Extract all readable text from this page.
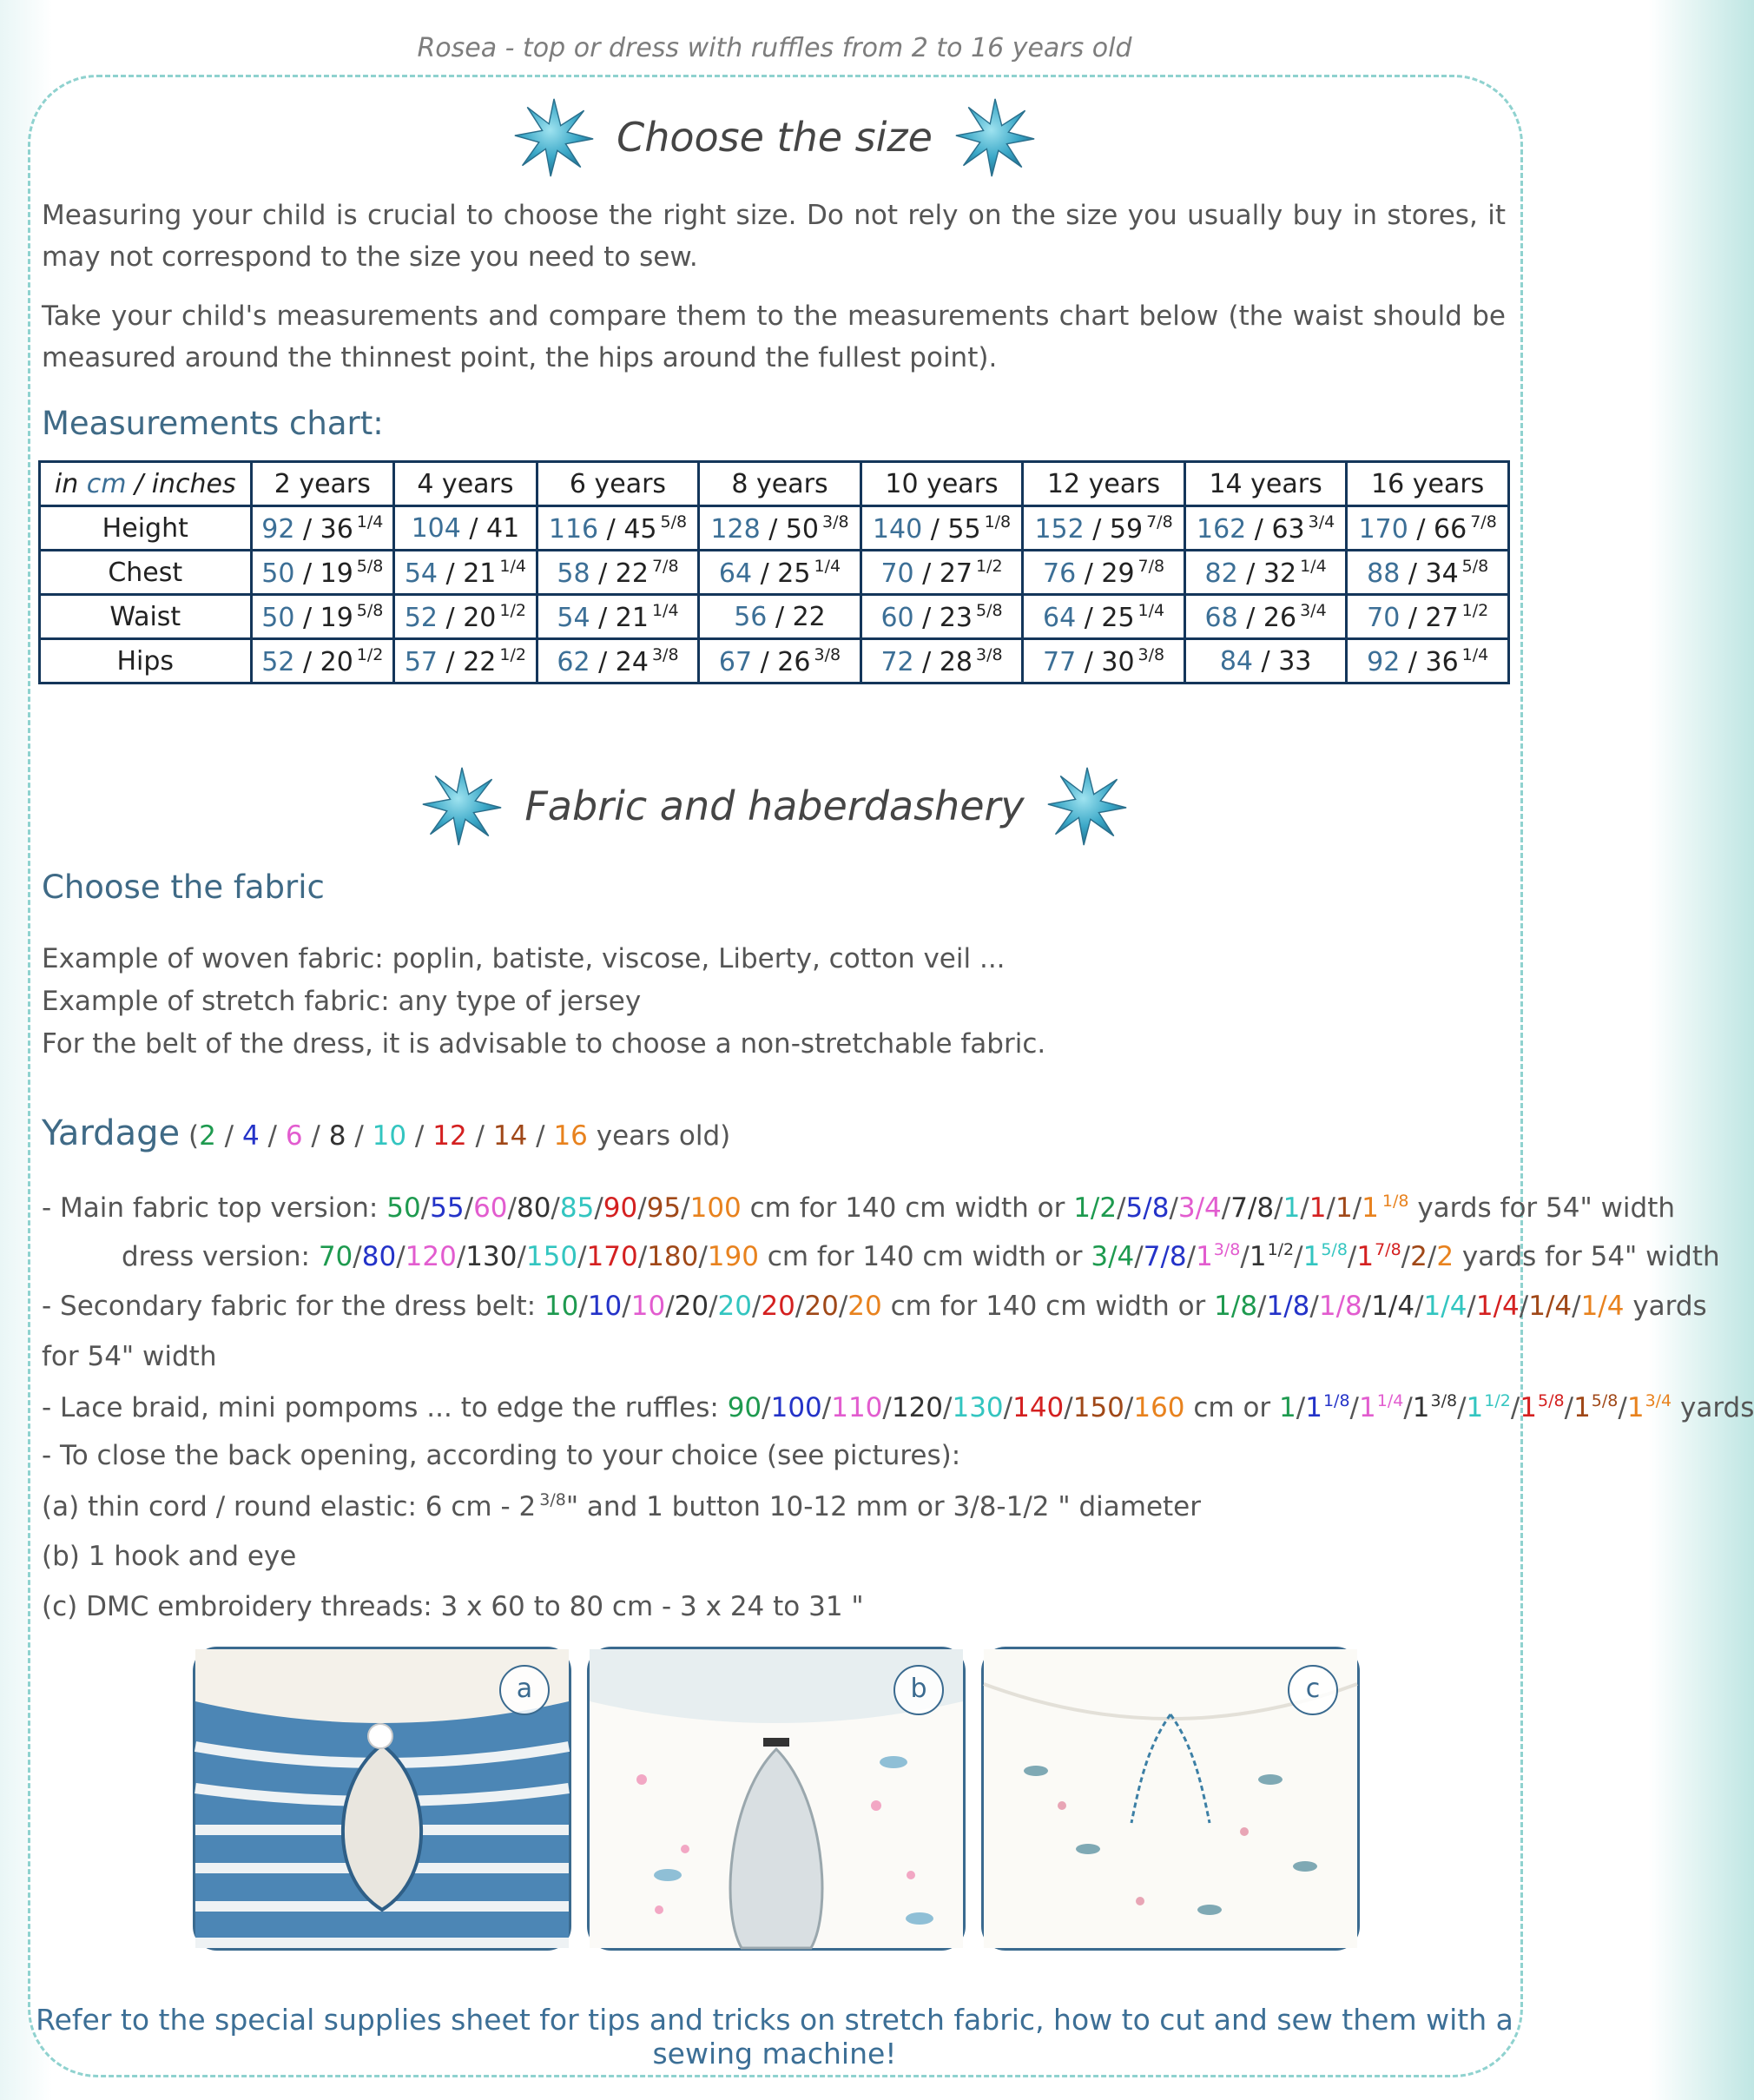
Rosea - top or dress with ruffles from 2 to 16 years old
Choose the size
Measuring your child is crucial to choose the right size. Do not rely on the size you usually buy in stores, it may not correspond to the size you need to sew.
Take your child's measurements and compare them to the measurements chart below (the waist should be measured around the thinnest point, the hips around the fullest point).
Measurements chart:
in cm / inches	2 years	4 years	6 years	8 years	10 years	12 years	14 years	16 years
Height	92 / 36 $^{1/4}$	104 / 41	116 / 45 $^{5/8}$	128 / 50 $^{3/8}$	140 / 55 $^{1/8}$	152 / 59 $^{7/8}$	162 / 63 $^{3/4}$	170 / 66 $^{7/8}$
Chest	50 / 19 $^{5/8}$	54 / 21 $^{1/4}$	58 / 22 $^{7/8}$	64 / 25 $^{1/4}$	70 / 27 $^{1/2}$	76 / 29 $^{7/8}$	82 / 32 $^{1/4}$	88 / 34 $^{5/8}$
Waist	50 / 19 $^{5/8}$	52 / 20 $^{1/2}$	54 / 21 $^{1/4}$	56 / 22	60 / 23 $^{5/8}$	64 / 25 $^{1/4}$	68 / 26 $^{3/4}$	70 / 27 $^{1/2}$
Hips	52 / 20 $^{1/2}$	57 / 22 $^{1/2}$	62 / 24 $^{3/8}$	67 / 26 $^{3/8}$	72 / 28 $^{3/8}$	77 / 30 $^{3/8}$	84 / 33	92 / 36 $^{1/4}$
Fabric and haberdashery
Choose the fabric
Example of woven fabric: poplin, batiste, viscose, Liberty, cotton veil ...
Example of stretch fabric: any type of jersey
For the belt of the dress, it is advisable to choose a non-stretchable fabric.
Yardage (2 / 4 / 6 / 8 / 10 / 12 / 14 / 16 years old)
- Main fabric top version: 50/55/60/80/85/90/95/100 cm for 140 cm width or 1/2/5/8/3/4/7/8/1/1/1/1 $^{1/8}$ yards for 54" width
dress version: 70/80/120/130/150/170/180/190 cm for 140 cm width or $3/4/7/8/1^{3/8}/1^{1/2}/1^{5/8}/1^{7/8}/2/2$ yards for 54" width
- Secondary fabric for the dress belt: 10/10/10/20/20/20/20/20 cm for 140 cm width or 1/8/1/8/1/8/1/4/1/4/1/4/1/4/1/4 yards
for 54" width
- Lace braid, mini pompoms ... to edge the ruffles: 90/100/110/120/130/140/150/160 cm or $1/1^{1/8}/1^{1/4}/1^{3/8}/1^{1/2}/1^{5/8}/1^{5/8}/1^{3/4}$ yards
- To close the back opening, according to your choice (see pictures):
(a) thin cord / round elastic: 6 cm - 2 $^{3/8}$" and 1 button 10-12 mm or 3/8-1/2 " diameter
(b) 1 hook and eye
(c) DMC embroidery threads: 3 x 60 to 80 cm - 3 x 24 to 31 "
a	b	c
Refer to the special supplies sheet for tips and tricks on stretch fabric, how to cut and sew them with a sewing machine!
